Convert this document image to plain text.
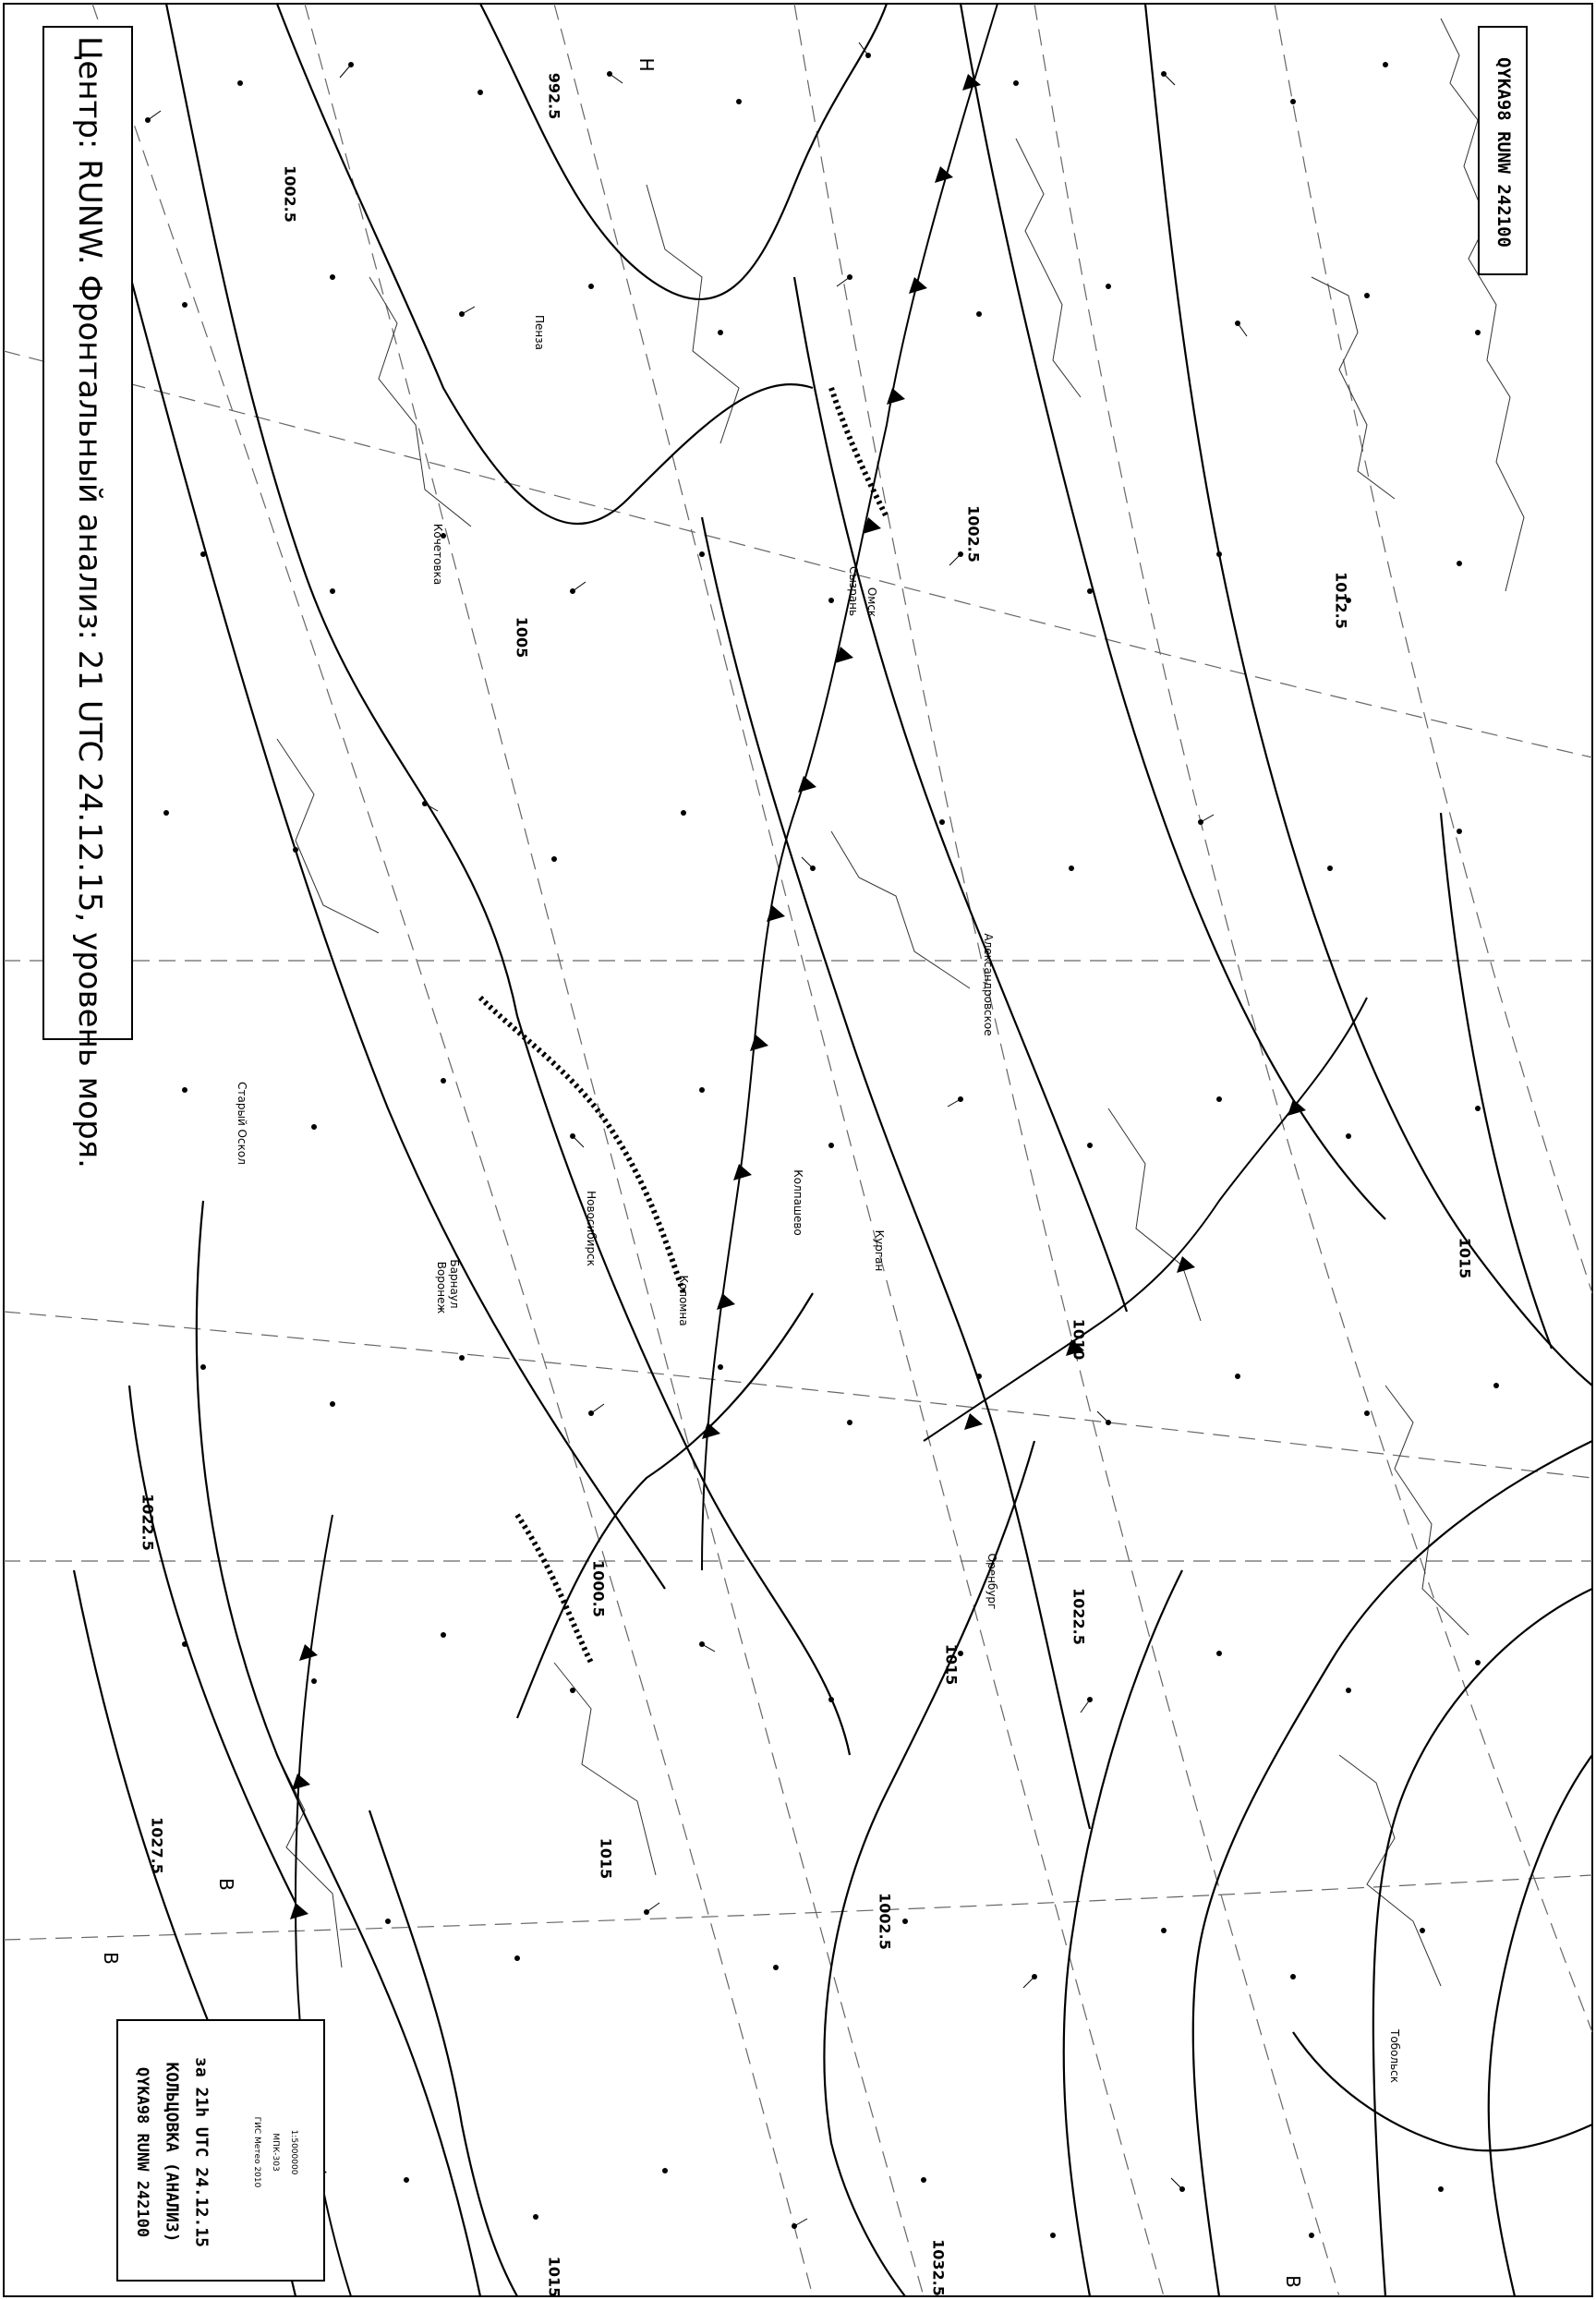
Н
В
В
В
992.5
1002.5
1002.5
1005
1000.5
1012.5
1015
1010
1022.5
1015
1022.5
1027.5	1015
1032.5
1015
1002.5
Старый Оскол
Кочетовка
Коломна
Воронеж
Пенза
Сызрань
Оренбург
Курган
Новосибирск	Колпашево
Александровское
Барнаул
Омск
Тобольск
Центр: RUNW. Фронтальный анализ: 21 UTC 24.12.15, уровень моря.	QYKA98 RUNW 242100
QYKA98 RUNW 242100 КОЛЬЦОВКА (АНАЛИЗ) за 21h UTC 24.12.15	ГИС Метео 2010 МПК-303 1:5000000
